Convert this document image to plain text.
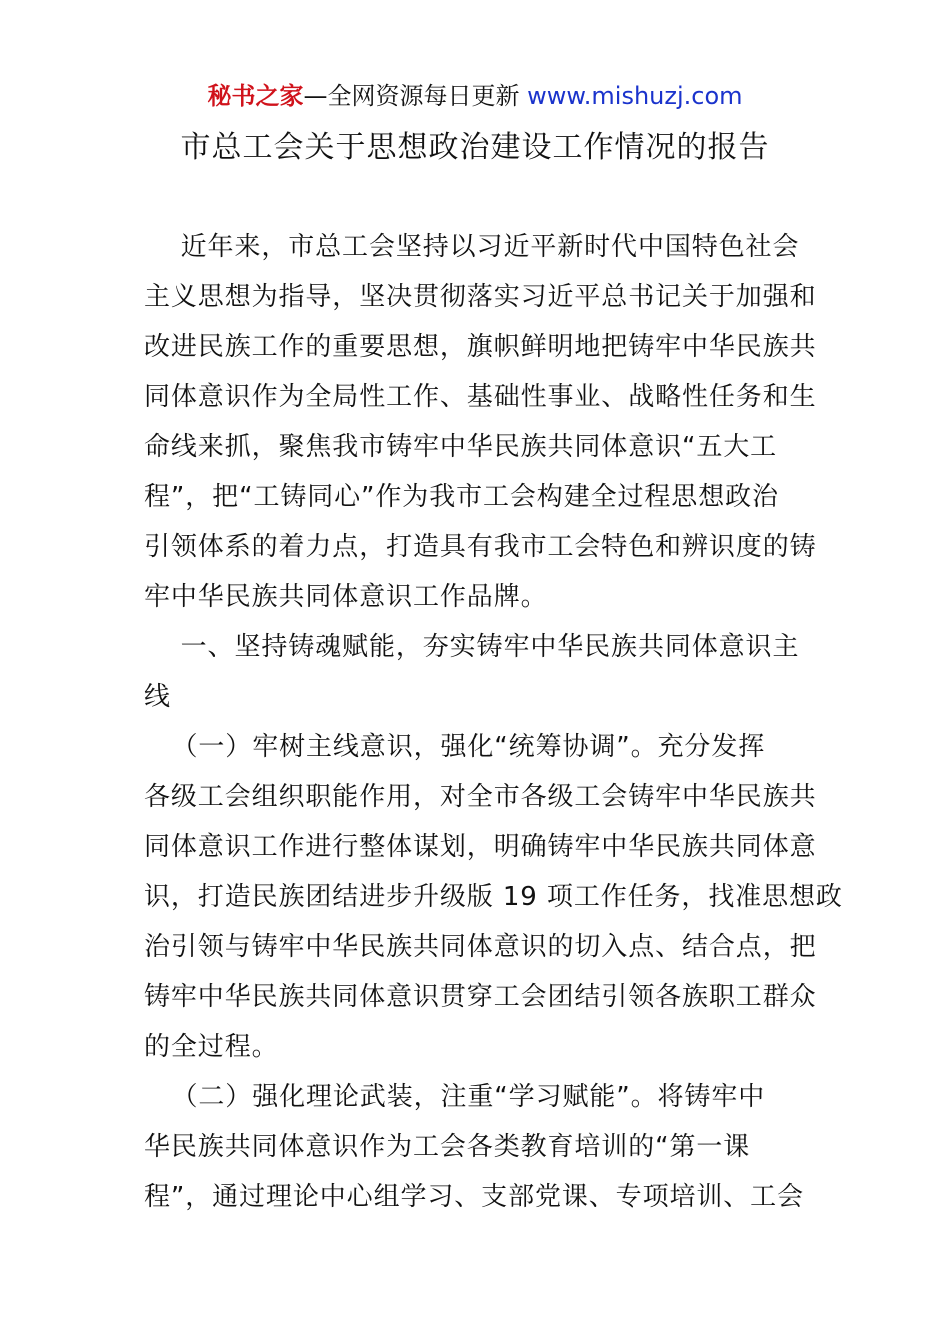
秘书之家—全网资源每日更新 www.mishuzj.com
市总工会关于思想政治建设工作情况的报告
近年来，市总工会坚持以习近平新时代中国特色社会
主义思想为指导，坚决贯彻落实习近平总书记关于加强和
改进民族工作的重要思想，旗帜鲜明地把铸牢中华民族共
同体意识作为全局性工作、基础性事业、战略性任务和生
命线来抓，聚焦我市铸牢中华民族共同体意识“五大工
程”，把“工铸同心”作为我市工会构建全过程思想政治
引领体系的着力点，打造具有我市工会特色和辨识度的铸
牢中华民族共同体意识工作品牌。
一、坚持铸魂赋能，夯实铸牢中华民族共同体意识主
线
（一）牢树主线意识，强化“统筹协调”。充分发挥
各级工会组织职能作用，对全市各级工会铸牢中华民族共
同体意识工作进行整体谋划，明确铸牢中华民族共同体意
识，打造民族团结进步升级版 19 项工作任务，找准思想政
治引领与铸牢中华民族共同体意识的切入点、结合点，把
铸牢中华民族共同体意识贯穿工会团结引领各族职工群众
的全过程。
（二）强化理论武装，注重“学习赋能”。将铸牢中
华民族共同体意识作为工会各类教育培训的“第一课
程”，通过理论中心组学习、支部党课、专项培训、工会
